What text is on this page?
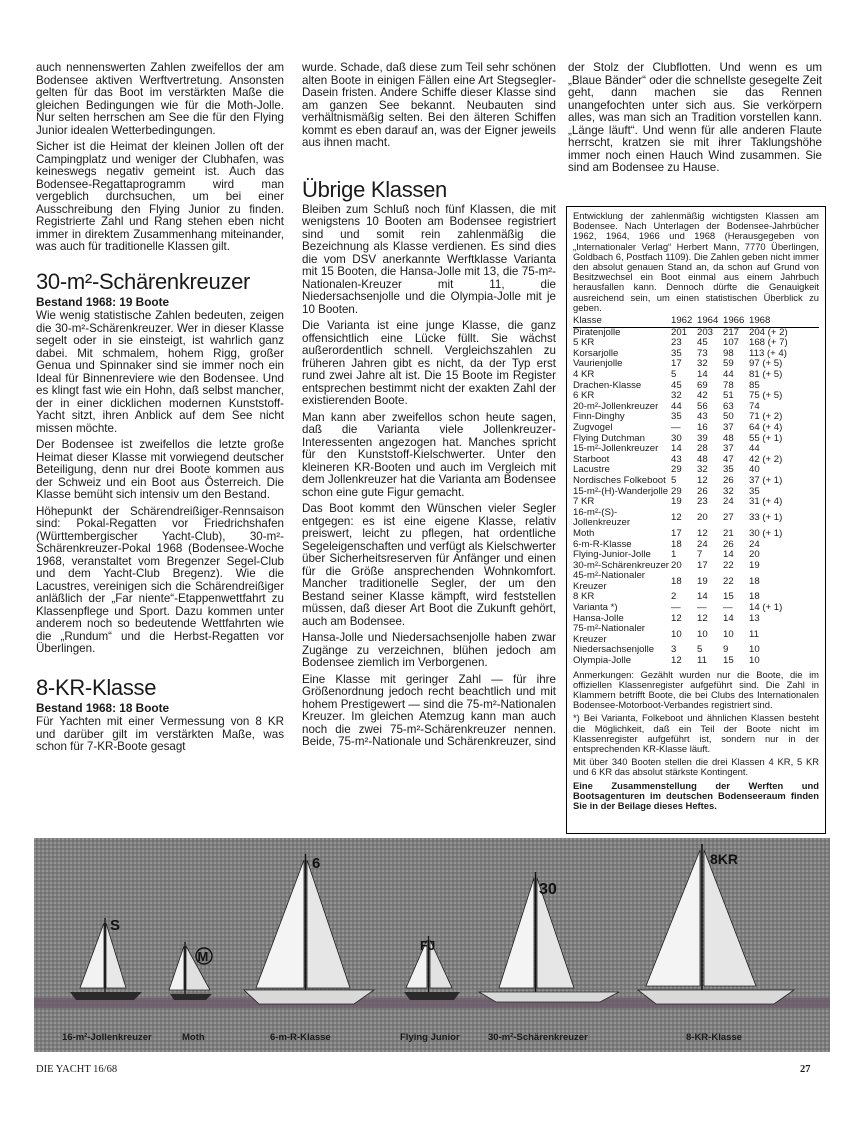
auch nennenswerten Zahlen zweifellos der am Bodensee aktiven Werftvertretung. Ansonsten gelten für das Boot im verstärkten Maße die gleichen Bedingungen wie für die Moth-Jolle. Nur selten herrschen am See die für den Flying Junior idealen Wetterbedingungen.

Sicher ist die Heimat der kleinen Jollen oft der Campingplatz und weniger der Clubhafen, was keineswegs negativ gemeint ist. Auch das Bodensee-Regattaprogramm wird man vergeblich durchsuchen, um bei einer Ausschreibung den Flying Junior zu finden. Registrierte Zahl und Rang stehen eben nicht immer in direktem Zusammenhang miteinander, was auch für traditionelle Klassen gilt.

30-m²-Schärenkreuzer
Bestand 1968: 19 Boote

Wie wenig statistische Zahlen bedeuten, zeigen die 30-m²-Schärenkreuzer. Wer in dieser Klasse segelt oder in sie einsteigt, ist wahrlich ganz dabei. Mit schmalem, hohem Rigg, großer Genua und Spinnaker sind sie immer noch ein Ideal für Binnenreviere wie den Bodensee. Und es klingt fast wie ein Hohn, daß selbst mancher, der in einer dicklichen modernen Kunststoff-Yacht sitzt, ihren Anblick auf dem See nicht missen möchte.

Der Bodensee ist zweifellos die letzte große Heimat dieser Klasse mit vorwiegend deutscher Beteiligung, denn nur drei Boote kommen aus der Schweiz und ein Boot aus Österreich. Die Klasse bemüht sich intensiv um den Bestand.

Höhepunkt der Schärendreißiger-Rennsaison sind: Pokal-Regatten vor Friedrichshafen (Württembergischer Yacht-Club), 30-m²-Schärenkreuzer-Pokal 1968 (Bodensee-Woche 1968, veranstaltet vom Bregenzer Segel-Club und dem Yacht-Club Bregenz). Wie die Lacustres, vereinigen sich die Schärendreißiger anläßlich der „Far niente“-Etappenwettfahrt zu Klassenpflege und Sport. Dazu kommen unter anderem noch so bedeutende Wettfahrten wie die „Rundum“ und die Herbst-Regatten vor Überlingen.

8-KR-Klasse
Bestand 1968: 18 Boote

Für Yachten mit einer Vermessung von 8 KR und darüber gilt im verstärkten Maße, was schon für 7-KR-Boote gesagt

wurde. Schade, daß diese zum Teil sehr schönen alten Boote in einigen Fällen eine Art Stegsegler-Dasein fristen. Andere Schiffe dieser Klasse sind am ganzen See bekannt. Neubauten sind verhältnismäßig selten. Bei den älteren Schiffen kommt es eben darauf an, was der Eigner jeweils aus ihnen macht.

Übrige Klassen

Bleiben zum Schluß noch fünf Klassen, die mit wenigstens 10 Booten am Bodensee registriert sind und somit rein zahlenmäßig die Bezeichnung als Klasse verdienen. Es sind dies die vom DSV anerkannte Werftklasse Varianta mit 15 Booten, die Hansa-Jolle mit 13, die 75-m²-Nationalen-Kreuzer mit 11, die Niedersachsenjolle und die Olympia-Jolle mit je 10 Booten.

Die Varianta ist eine junge Klasse, die ganz offensichtlich eine Lücke füllt. Sie wächst außerordentlich schnell. Vergleichszahlen zu früheren Jahren gibt es nicht, da der Typ erst rund zwei Jahre alt ist. Die 15 Boote im Register entsprechen bestimmt nicht der exakten Zahl der existierenden Boote.

Man kann aber zweifellos schon heute sagen, daß die Varianta viele Jollenkreuzer-Interessenten angezogen hat. Manches spricht für den Kunststoff-Kielschwerter. Unter den kleineren KR-Booten und auch im Vergleich mit dem Jollenkreuzer hat die Varianta am Bodensee schon eine gute Figur gemacht.

Das Boot kommt den Wünschen vieler Segler entgegen: es ist eine eigene Klasse, relativ preiswert, leicht zu pflegen, hat ordentliche Segeleigenschaften und verfügt als Kielschwerter über Sicherheitsreserven für Anfänger und einen für die Größe ansprechenden Wohnkomfort. Mancher traditionelle Segler, der um den Bestand seiner Klasse kämpft, wird feststellen müssen, daß dieser Art Boot die Zukunft gehört, auch am Bodensee.

Hansa-Jolle und Niedersachsenjolle haben zwar Zugänge zu verzeichnen, blühen jedoch am Bodensee ziemlich im Verborgenen.

Eine Klasse mit geringer Zahl — für ihre Größenordnung jedoch recht beachtlich und mit hohem Prestigewert — sind die 75-m²-Nationalen Kreuzer. Im gleichen Atemzug kann man auch noch die zwei 75-m²-Schärenkreuzer nennen. Beide, 75-m²-Nationale und Schärenkreuzer, sind

der Stolz der Clubflotten. Und wenn es um „Blaue Bänder“ oder die schnellste gesegelte Zeit geht, dann machen sie das Rennen unangefochten unter sich aus. Sie verkörpern alles, was man sich an Tradition vorstellen kann. „Länge läuft“. Und wenn für alle anderen Flaute herrscht, kratzen sie mit ihrer Taklungshöhe immer noch einen Hauch Wind zusammen. Sie sind am Bodensee zu Hause.

Entwicklung der zahlenmäßig wichtigsten Klassen am Bodensee. Nach Unterlagen der Bodensee-Jahrbücher 1962, 1964, 1966 und 1968 (Herausgegeben von „Internationaler Verlag“ Herbert Mann, 7770 Überlingen, Goldbach 6, Postfach 1109). Die Zahlen geben nicht immer den absolut genauen Stand an, da schon auf Grund von Besitzwechsel ein Boot einmal aus einem Jahrbuch herausfallen kann. Dennoch dürfte die Genauigkeit ausreichend sein, um einen statistischen Überblick zu geben.

Klasse	1962	1964	1966	1968
Piratenjolle	201	203	217	204 (+ 2)
5 KR	23	45	107	168 (+ 7)
Korsarjolle	35	73	98	113 (+ 4)
Vaurienjolle	17	32	59	97 (+ 5)
4 KR	5	14	44	81 (+ 5)
Drachen-Klasse	45	69	78	85
6 KR	32	42	51	75 (+ 5)
20-m²-Jollenkreuzer	44	56	63	74
Finn-Dinghy	35	43	50	71 (+ 2)
Zugvogel	—	16	37	64 (+ 4)
Flying Dutchman	30	39	48	55 (+ 1)
15-m²-Jollenkreuzer	14	28	37	44
Starboot	43	48	47	42 (+ 2)
Lacustre	29	32	35	40
Nordisches Folkeboot	5	12	26	37 (+ 1)
15-m²-(H)-Wanderjolle	29	26	32	35
7 KR	19	23	24	31 (+ 4)
16-m²-(S)-Jollenkreuzer	12	20	27	33 (+ 1)
Moth	17	12	21	30 (+ 1)
6-m-R-Klasse	18	24	26	24
Flying-Junior-Jolle	1	7	14	20
30-m²-Schärenkreuzer	20	17	22	19
45-m²-Nationaler Kreuzer	18	19	22	18
8 KR	2	14	15	18
Varianta *)	—	—	—	14 (+ 1)
Hansa-Jolle	12	12	14	13
75-m²-Nationaler Kreuzer	10	10	10	11
Niedersachsenjolle	3	5	9	10
Olympia-Jolle	12	11	15	10

Anmerkungen: Gezählt wurden nur die Boote, die im offiziellen Klassenregister aufgeführt sind. Die Zahl in Klammern betrifft Boote, die bei Clubs des Internationalen Bodensee-Motorboot-Verbandes registriert sind.

*) Bei Varianta, Folkeboot und ähnlichen Klassen besteht die Möglichkeit, daß ein Teil der Boote nicht im Klassenregister aufgeführt ist, sondern nur in der entsprechenden KR-Klasse läuft.

Mit über 340 Booten stellen die drei Klassen 4 KR, 5 KR und 6 KR das absolut stärkste Kontingent.

Eine Zusammenstellung der Werften und Bootsagenturen im deutschen Bodenseeraum finden Sie in der Beilage dieses Heftes.

S
M
6
FJ
30
8KR
16-m²-Jollenkreuzer	Moth	6-m-R-Klasse	Flying Junior	30-m²-Schärenkreuzer	8-KR-Klasse
DIE YACHT 16/68	27
